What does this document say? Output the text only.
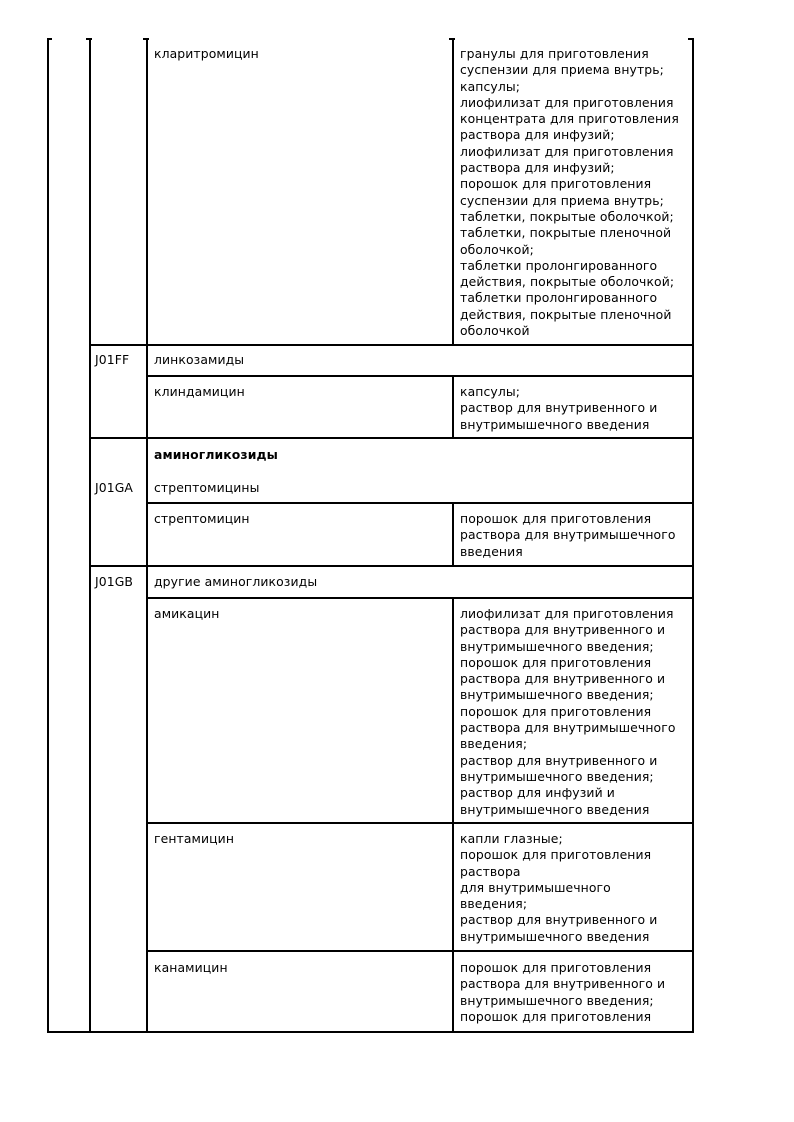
кларитромицин	гранулы для приготовления
суспензии для приема внутрь;
капсулы;
лиофилизат для приготовления
концентрата для приготовления
раствора для инфузий;
лиофилизат для приготовления
раствора для инфузий;
порошок для приготовления
суспензии для приема внутрь;
таблетки, покрытые оболочкой;
таблетки, покрытые пленочной
оболочкой;
таблетки пролонгированного
действия, покрытые оболочкой;
таблетки пролонгированного
действия, покрытые пленочной
оболочкой
J01FF линкозамиды
клиндамицин	капсулы;
раствор для внутривенного и
внутримышечного введения
аминогликозиды
J01GA стрептомицины
стрептомицин	порошок для приготовления
раствора для внутримышечного
введения
J01GB другие аминогликозиды
амикацин	лиофилизат для приготовления
раствора для внутривенного и
внутримышечного введения;
порошок для приготовления
раствора для внутривенного и
внутримышечного введения;
порошок для приготовления
раствора для внутримышечного
введения;
раствор для внутривенного и
внутримышечного введения;
раствор для инфузий и
внутримышечного введения
гентамицин	капли глазные;
порошок для приготовления
раствора
для внутримышечного
введения;
раствор для внутривенного и
внутримышечного введения
канамицин	порошок для приготовления
раствора для внутривенного и
внутримышечного введения;
порошок для приготовления
